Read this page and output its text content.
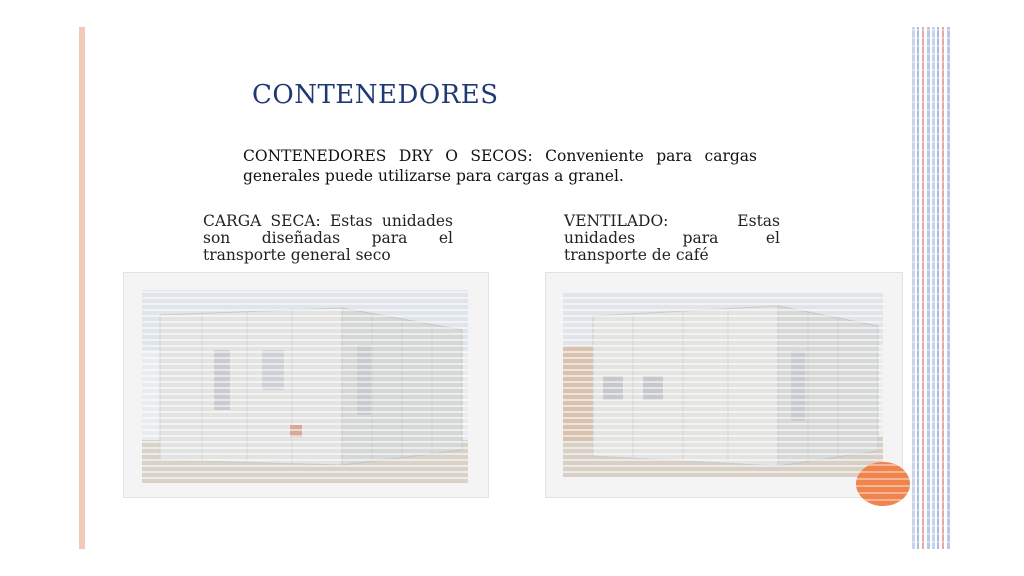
CONTENEDORES

CONTENEDORES DRY O SECOS: Conveniente para cargas generales puede utilizarse para cargas a granel.

CARGA SECA: Estas unidades son diseñadas para el transporte general seco

VENTILADO: Estas unidades para el transporte de café
